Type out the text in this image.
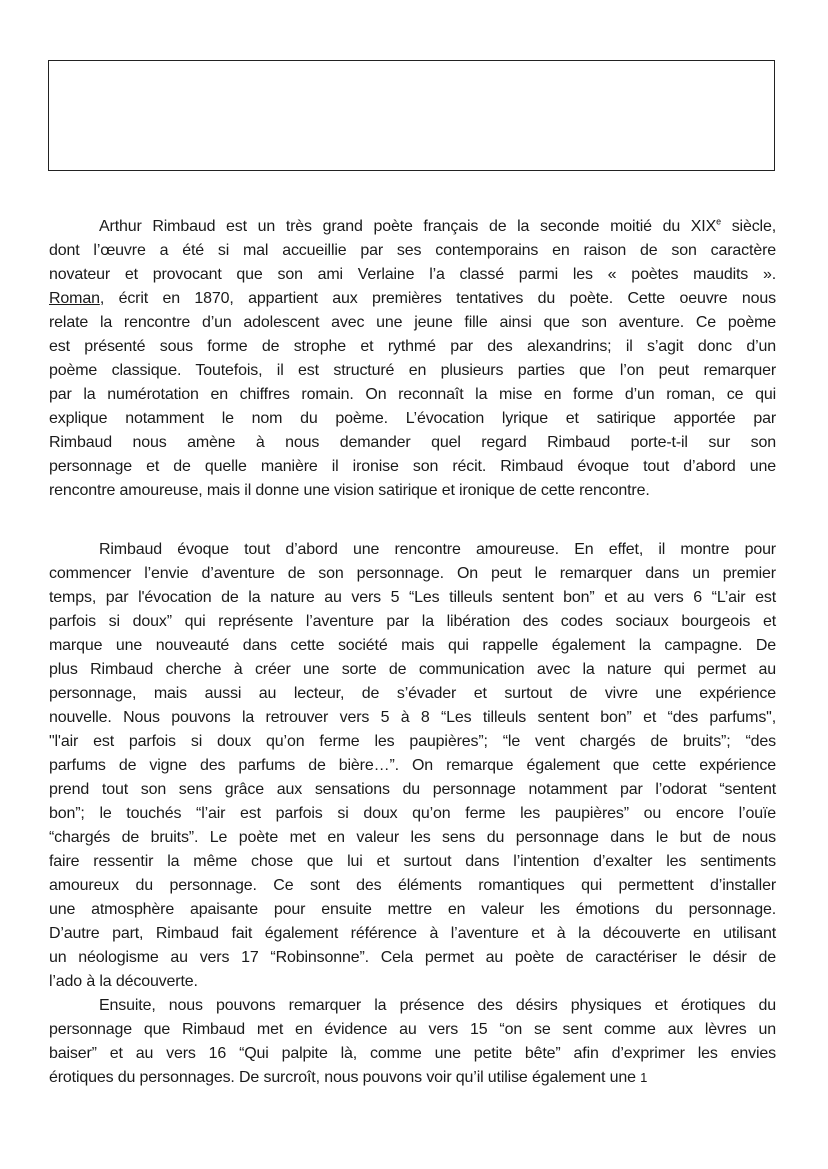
Arthur Rimbaud est un très grand poète français de la seconde moitié du XIXe siècle,
dont l’œuvre a été si mal accueillie par ses contemporains en raison de son caractère
novateur et provocant que son ami Verlaine l’a classé parmi les « poètes maudits ».
Roman, écrit en 1870, appartient aux premières tentatives du poète. Cette oeuvre nous
relate la rencontre d’un adolescent avec une jeune fille ainsi que son aventure. Ce poème
est présenté sous forme de strophe et rythmé par des alexandrins; il s’agit donc d’un
poème classique. Toutefois, il est structuré en plusieurs parties que l’on peut remarquer
par la numérotation en chiffres romain. On reconnaît la mise en forme d’un roman, ce qui
explique notamment le nom du poème. L’évocation lyrique et satirique apportée par
Rimbaud nous amène à nous demander quel regard Rimbaud porte-t-il sur son
personnage et de quelle manière il ironise son récit. Rimbaud évoque tout d’abord une
rencontre amoureuse, mais il donne une vision satirique et ironique de cette rencontre.
Rimbaud évoque tout d’abord une rencontre amoureuse. En effet, il montre pour
commencer l’envie d’aventure de son personnage. On peut le remarquer dans un premier
temps, par l'évocation de la nature au vers 5 “Les tilleuls sentent bon” et au vers 6 “L’air est
parfois si doux” qui représente l’aventure par la libération des codes sociaux bourgeois et
marque une nouveauté dans cette société mais qui rappelle également la campagne. De
plus Rimbaud cherche à créer une sorte de communication avec la nature qui permet au
personnage, mais aussi au lecteur, de s’évader et surtout de vivre une expérience
nouvelle. Nous pouvons la retrouver vers 5 à 8 “Les tilleuls sentent bon” et “des parfums",
"l'air est parfois si doux qu’on ferme les paupières”; “le vent chargés de bruits”; “des
parfums de vigne des parfums de bière…”. On remarque également que cette expérience
prend tout son sens grâce aux sensations du personnage notamment par l’odorat “sentent
bon”; le touchés “l’air est parfois si doux qu’on ferme les paupières” ou encore l’ouïe
“chargés de bruits”. Le poète met en valeur les sens du personnage dans le but de nous
faire ressentir la même chose que lui et surtout dans l’intention d’exalter les sentiments
amoureux du personnage. Ce sont des éléments romantiques qui permettent d’installer
une atmosphère apaisante pour ensuite mettre en valeur les émotions du personnage.
D’autre part, Rimbaud fait également référence à l’aventure et à la découverte en utilisant
un néologisme au vers 17 “Robinsonne”. Cela permet au poète de caractériser le désir de
l’ado à la découverte.
Ensuite, nous pouvons remarquer la présence des désirs physiques et érotiques du
personnage que Rimbaud met en évidence au vers 15 “on se sent comme aux lèvres un
baiser” et au vers 16 “Qui palpite là, comme une petite bête” afin d’exprimer les envies
érotiques du personnages. De surcroît, nous pouvons voir qu’il utilise également une 1
